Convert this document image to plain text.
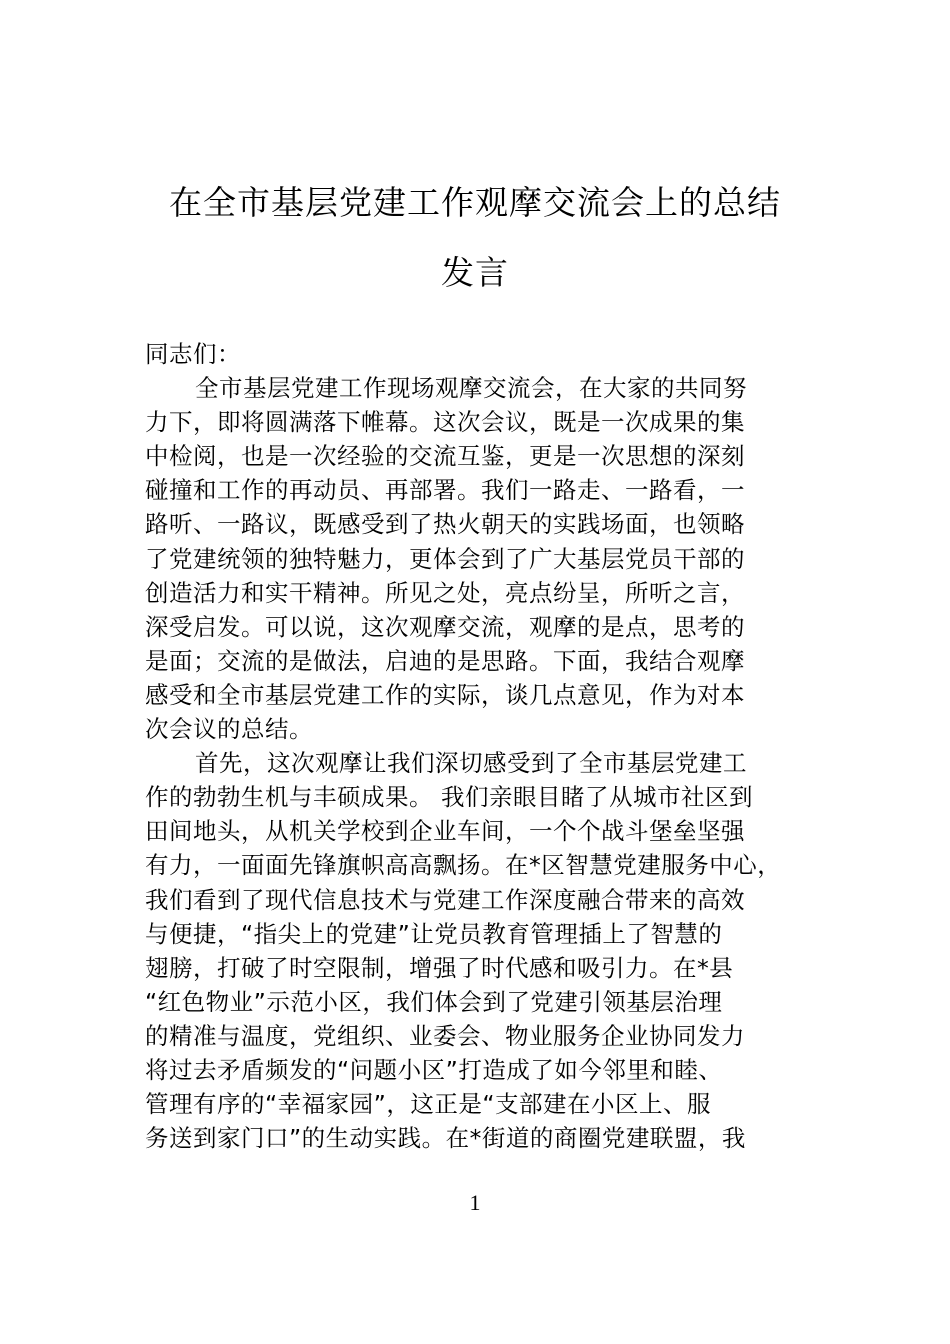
在全市基层党建工作观摩交流会上的总结
发言
同志们：
全市基层党建工作现场观摩交流会，在大家的共同努
力下，即将圆满落下帷幕。这次会议，既是一次成果的集
中检阅，也是一次经验的交流互鉴，更是一次思想的深刻
碰撞和工作的再动员、再部署。我们一路走、一路看，一
路听、一路议，既感受到了热火朝天的实践场面，也领略
了党建统领的独特魅力，更体会到了广大基层党员干部的
创造活力和实干精神。所见之处，亮点纷呈，所听之言，
深受启发。可以说，这次观摩交流，观摩的是点，思考的
是面；交流的是做法，启迪的是思路。下面，我结合观摩
感受和全市基层党建工作的实际，谈几点意见，作为对本
次会议的总结。
首先，这次观摩让我们深切感受到了全市基层党建工
作的勃勃生机与丰硕成果。 我们亲眼目睹了从城市社区到
田间地头，从机关学校到企业车间，一个个战斗堡垒坚强
有力，一面面先锋旗帜高高飘扬。在*区智慧党建服务中心，
我们看到了现代信息技术与党建工作深度融合带来的高效
与便捷，“指尖上的党建”让党员教育管理插上了智慧的
翅膀，打破了时空限制，增强了时代感和吸引力。在*县
“红色物业”示范小区，我们体会到了党建引领基层治理
的精准与温度，党组织、业委会、物业服务企业协同发力
将过去矛盾频发的“问题小区”打造成了如今邻里和睦、
管理有序的“幸福家园”，这正是“支部建在小区上、服
务送到家门口”的生动实践。在*街道的商圈党建联盟，我
1
